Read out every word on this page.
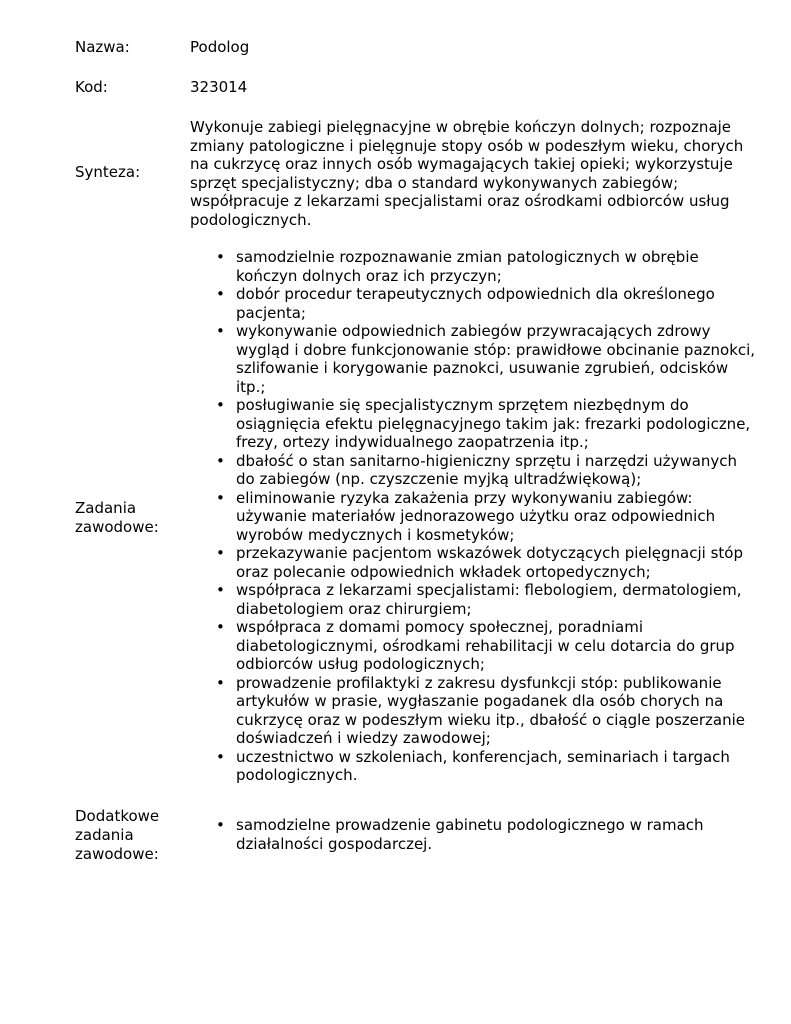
Nazwa:	Podolog
Kod:	323014
Synteza:
Wykonuje zabiegi pielęgnacyjne w obrębie kończyn dolnych; rozpoznaje zmiany patologiczne i pielęgnuje stopy osób w podeszłym wieku, chorych na cukrzycę oraz innych osób wymagających takiej opieki; wykorzystuje sprzęt specjalistyczny; dba o standard wykonywanych zabiegów; współpracuje z lekarzami specjalistami oraz ośrodkami odbiorców usług podologicznych.
Zadania zawodowe:
• samodzielnie rozpoznawanie zmian patologicznych w obrębie kończyn dolnych oraz ich przyczyn;
• dobór procedur terapeutycznych odpowiednich dla określonego pacjenta;
• wykonywanie odpowiednich zabiegów przywracających zdrowy wygląd i dobre funkcjonowanie stóp: prawidłowe obcinanie paznokci, szlifowanie i korygowanie paznokci, usuwanie zgrubień, odcisków itp.;
• posługiwanie się specjalistycznym sprzętem niezbędnym do osiągnięcia efektu pielęgnacyjnego takim jak: frezarki podologiczne, frezy, ortezy indywidualnego zaopatrzenia itp.;
• dbałość o stan sanitarno-higieniczny sprzętu i narzędzi używanych do zabiegów (np. czyszczenie myjką ultradźwiękową);
• eliminowanie ryzyka zakażenia przy wykonywaniu zabiegów: używanie materiałów jednorazowego użytku oraz odpowiednich wyrobów medycznych i kosmetyków;
• przekazywanie pacjentom wskazówek dotyczących pielęgnacji stóp oraz polecanie odpowiednich wkładek ortopedycznych;
• współpraca z lekarzami specjalistami: flebologiem, dermatologiem, diabetologiem oraz chirurgiem;
• współpraca z domami pomocy społecznej, poradniami diabetologicznymi, ośrodkami rehabilitacji w celu dotarcia do grup odbiorców usług podologicznych;
• prowadzenie profilaktyki z zakresu dysfunkcji stóp: publikowanie artykułów w prasie, wygłaszanie pogadanek dla osób chorych na cukrzycę oraz w podeszłym wieku itp., dbałość o ciągle poszerzanie doświadczeń i wiedzy zawodowej;
• uczestnictwo w szkoleniach, konferencjach, seminariach i targach podologicznych.
Dodatkowe zadania zawodowe:
• samodzielne prowadzenie gabinetu podologicznego w ramach działalności gospodarczej.
